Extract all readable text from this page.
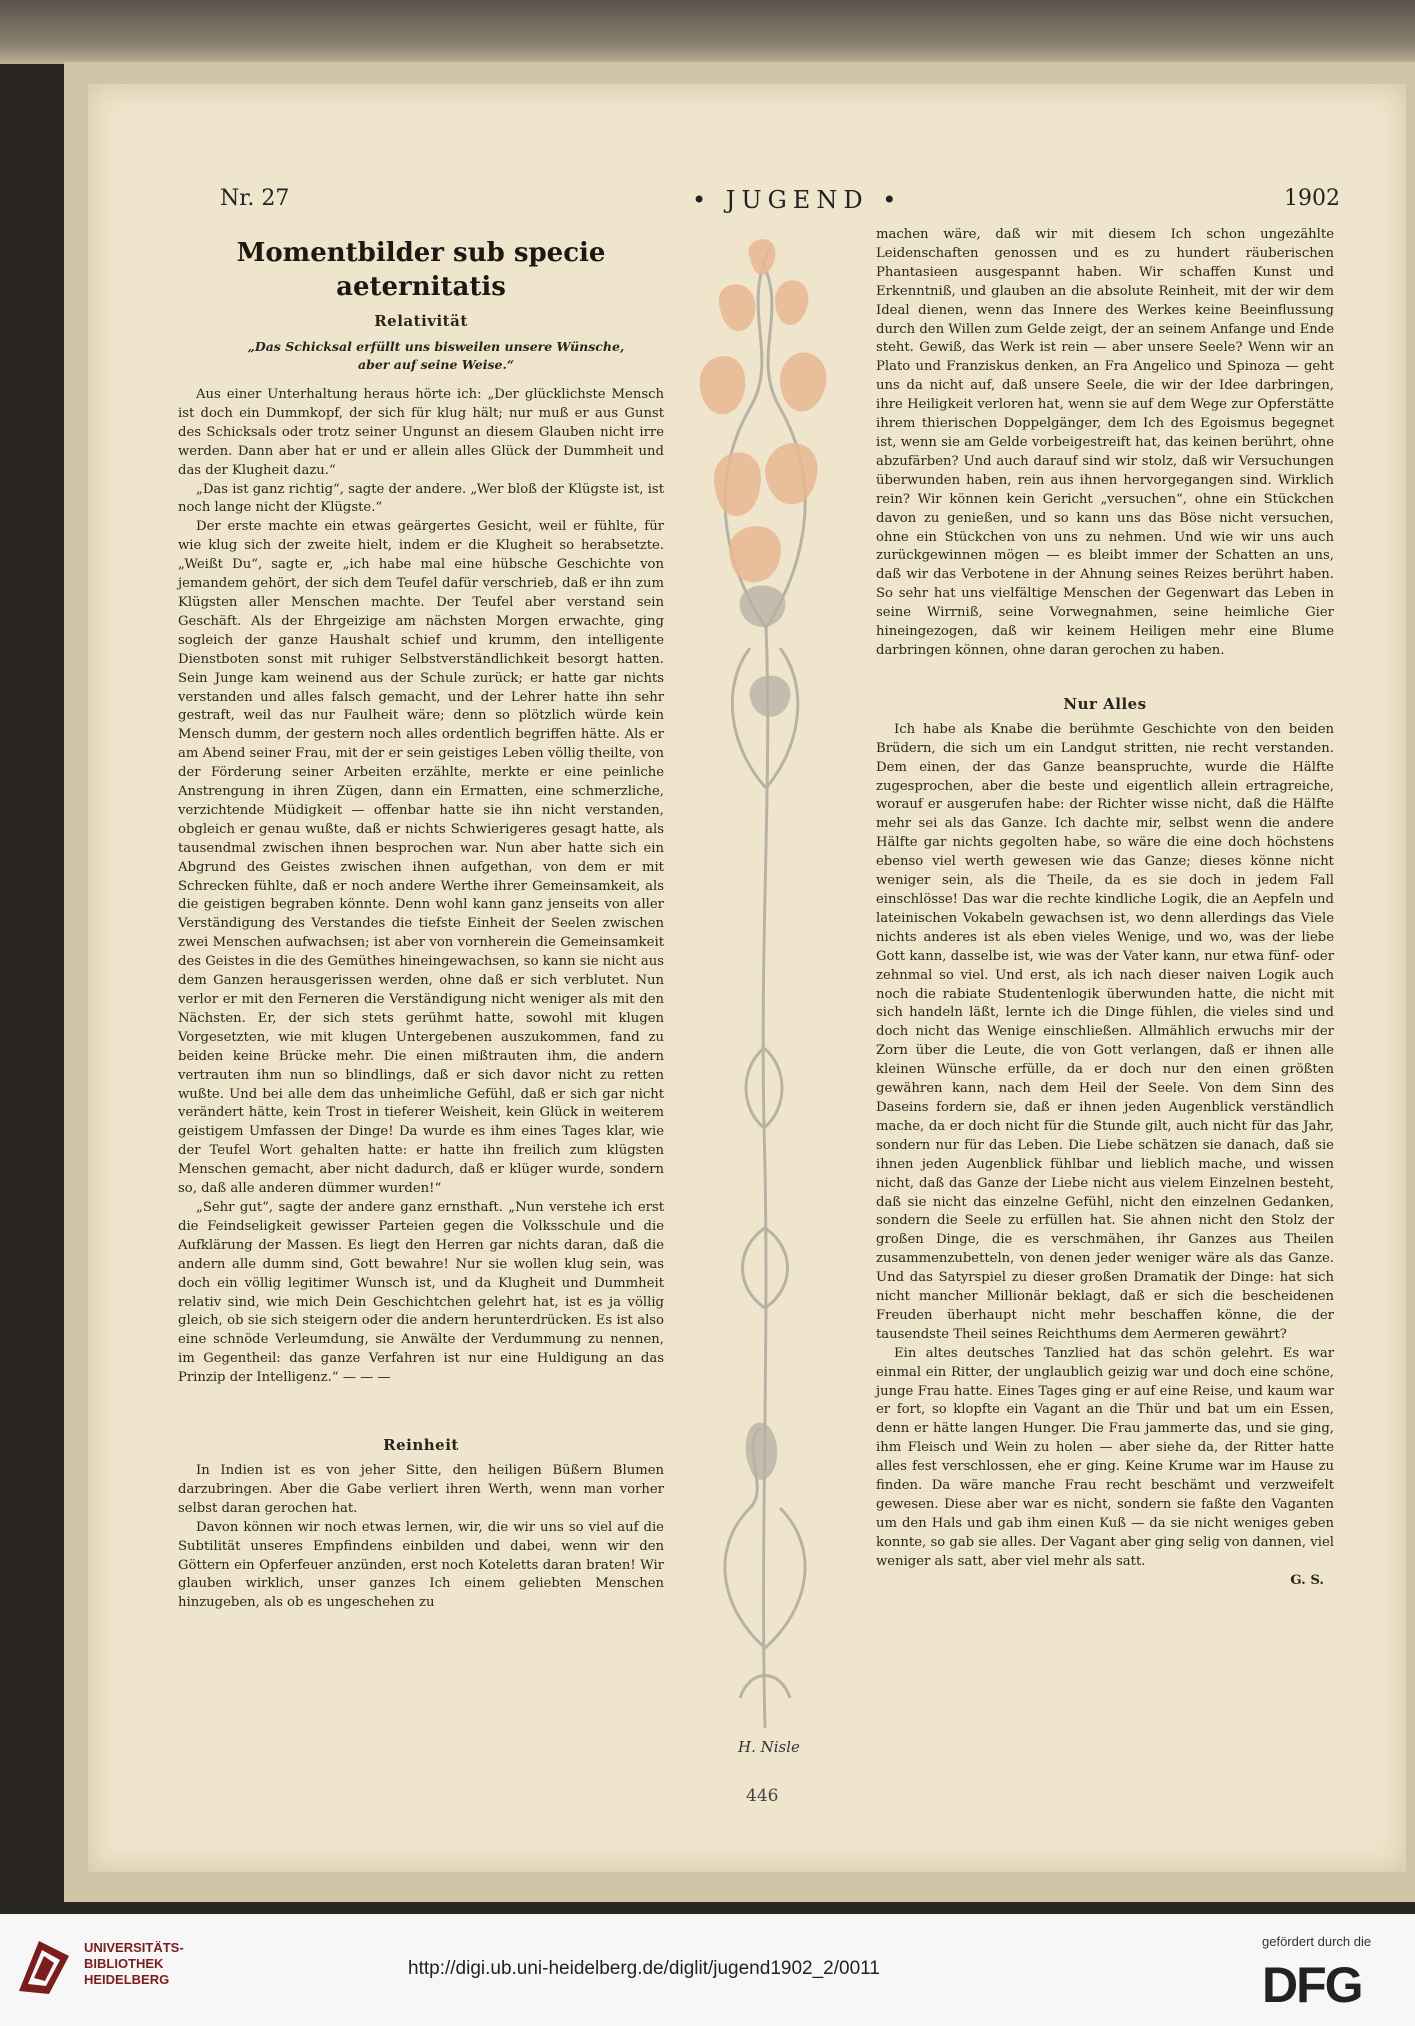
Nr. 27	• JUGEND •	1902
Momentbilder sub specie aeternitatis
Relativität
„Das Schicksal erfüllt uns bisweilen unsere Wünsche, aber auf seine Weise.“

Aus einer Unterhaltung heraus hörte ich: „Der glücklichste Mensch ist doch ein Dummkopf, der sich für klug hält; nur muß er aus Gunst des Schicksals oder trotz seiner Ungunst an diesem Glauben nicht irre werden. Dann aber hat er und er allein alles Glück der Dummheit und das der Klugheit dazu.“

„Das ist ganz richtig“, sagte der andere. „Wer bloß der Klügste ist, ist noch lange nicht der Klügste.“

Der erste machte ein etwas geärgertes Gesicht, weil er fühlte, für wie klug sich der zweite hielt, indem er die Klugheit so herabsetzte. „Weißt Du“, sagte er, „ich habe mal eine hübsche Geschichte von jemandem gehört, der sich dem Teufel dafür verschrieb, daß er ihn zum Klügsten aller Menschen machte. Der Teufel aber verstand sein Geschäft. Als der Ehrgeizige am nächsten Morgen erwachte, ging sogleich der ganze Haushalt schief und krumm, den intelligente Dienstboten sonst mit ruhiger Selbstverständlichkeit besorgt hatten. Sein Junge kam weinend aus der Schule zurück; er hatte gar nichts verstanden und alles falsch gemacht, und der Lehrer hatte ihn sehr gestraft, weil das nur Faulheit wäre; denn so plötzlich würde kein Mensch dumm, der gestern noch alles ordentlich begriffen hätte. Als er am Abend seiner Frau, mit der er sein geistiges Leben völlig theilte, von der Förderung seiner Arbeiten erzählte, merkte er eine peinliche Anstrengung in ihren Zügen, dann ein Ermatten, eine schmerzliche, verzichtende Müdigkeit — offenbar hatte sie ihn nicht verstanden, obgleich er genau wußte, daß er nichts Schwierigeres gesagt hatte, als tausendmal zwischen ihnen besprochen war. Nun aber hatte sich ein Abgrund des Geistes zwischen ihnen aufgethan, von dem er mit Schrecken fühlte, daß er noch andere Werthe ihrer Gemeinsamkeit, als die geistigen begraben könnte. Denn wohl kann ganz jenseits von aller Verständigung des Verstandes die tiefste Einheit der Seelen zwischen zwei Menschen aufwachsen; ist aber von vornherein die Gemeinsamkeit des Geistes in die des Gemüthes hineingewachsen, so kann sie nicht aus dem Ganzen herausgerissen werden, ohne daß er sich verblutet. Nun verlor er mit den Ferneren die Verständigung nicht weniger als mit den Nächsten. Er, der sich stets gerühmt hatte, sowohl mit klugen Vorgesetzten, wie mit klugen Untergebenen auszukommen, fand zu beiden keine Brücke mehr. Die einen mißtrauten ihm, die andern vertrauten ihm nun so blindlings, daß er sich davor nicht zu retten wußte. Und bei alle dem das unheimliche Gefühl, daß er sich gar nicht verändert hätte, kein Trost in tieferer Weisheit, kein Glück in weiterem geistigem Umfassen der Dinge! Da wurde es ihm eines Tages klar, wie der Teufel Wort gehalten hatte: er hatte ihn freilich zum klügsten Menschen gemacht, aber nicht dadurch, daß er klüger wurde, sondern so, daß alle anderen dümmer wurden!“

„Sehr gut“, sagte der andere ganz ernsthaft. „Nun verstehe ich erst die Feindseligkeit gewisser Parteien gegen die Volksschule und die Aufklärung der Massen. Es liegt den Herren gar nichts daran, daß die andern alle dumm sind, Gott bewahre! Nur sie wollen klug sein, was doch ein völlig legitimer Wunsch ist, und da Klugheit und Dummheit relativ sind, wie mich Dein Geschichtchen gelehrt hat, ist es ja völlig gleich, ob sie sich steigern oder die andern herunterdrücken. Es ist also eine schnöde Verleumdung, sie Anwälte der Verdummung zu nennen, im Gegentheil: das ganze Verfahren ist nur eine Huldigung an das Prinzip der Intelligenz.“ — — —

Reinheit

In Indien ist es von jeher Sitte, den heiligen Büßern Blumen darzubringen. Aber die Gabe verliert ihren Werth, wenn man vorher selbst daran gerochen hat.

Davon können wir noch etwas lernen, wir, die wir uns so viel auf die Subtilität unseres Empfindens einbilden und dabei, wenn wir den Göttern ein Opferfeuer anzünden, erst noch Koteletts daran braten! Wir glauben wirklich, unser ganzes Ich einem geliebten Menschen hinzugeben, als ob es ungeschehen zu

H. Nisle

machen wäre, daß wir mit diesem Ich schon ungezählte Leidenschaften genossen und es zu hundert räuberischen Phantasieen ausgespannt haben. Wir schaffen Kunst und Erkenntniß, und glauben an die absolute Reinheit, mit der wir dem Ideal dienen, wenn das Innere des Werkes keine Beeinflussung durch den Willen zum Gelde zeigt, der an seinem Anfange und Ende steht. Gewiß, das Werk ist rein — aber unsere Seele? Wenn wir an Plato und Franziskus denken, an Fra Angelico und Spinoza — geht uns da nicht auf, daß unsere Seele, die wir der Idee darbringen, ihre Heiligkeit verloren hat, wenn sie auf dem Wege zur Opferstätte ihrem thierischen Doppelgänger, dem Ich des Egoismus begegnet ist, wenn sie am Gelde vorbeigestreift hat, das keinen berührt, ohne abzufärben? Und auch darauf sind wir stolz, daß wir Versuchungen überwunden haben, rein aus ihnen hervorgegangen sind. Wirklich rein? Wir können kein Gericht „versuchen“, ohne ein Stückchen davon zu genießen, und so kann uns das Böse nicht versuchen, ohne ein Stückchen von uns zu nehmen. Und wie wir uns auch zurückgewinnen mögen — es bleibt immer der Schatten an uns, daß wir das Verbotene in der Ahnung seines Reizes berührt haben. So sehr hat uns vielfältige Menschen der Gegenwart das Leben in seine Wirrniß, seine Vorwegnahmen, seine heimliche Gier hineingezogen, daß wir keinem Heiligen mehr eine Blume darbringen können, ohne daran gerochen zu haben.

Nur Alles

Ich habe als Knabe die berühmte Geschichte von den beiden Brüdern, die sich um ein Landgut stritten, nie recht verstanden. Dem einen, der das Ganze beanspruchte, wurde die Hälfte zugesprochen, aber die beste und eigentlich allein ertragreiche, worauf er ausgerufen habe: der Richter wisse nicht, daß die Hälfte mehr sei als das Ganze. Ich dachte mir, selbst wenn die andere Hälfte gar nichts gegolten habe, so wäre die eine doch höchstens ebenso viel werth gewesen wie das Ganze; dieses könne nicht weniger sein, als die Theile, da es sie doch in jedem Fall einschlösse! Das war die rechte kindliche Logik, die an Aepfeln und lateinischen Vokabeln gewachsen ist, wo denn allerdings das Viele nichts anderes ist als eben vieles Wenige, und wo, was der liebe Gott kann, dasselbe ist, wie was der Vater kann, nur etwa fünf- oder zehnmal so viel. Und erst, als ich nach dieser naiven Logik auch noch die rabiate Studentenlogik überwunden hatte, die nicht mit sich handeln läßt, lernte ich die Dinge fühlen, die vieles sind und doch nicht das Wenige einschließen. Allmählich erwuchs mir der Zorn über die Leute, die von Gott verlangen, daß er ihnen alle kleinen Wünsche erfülle, da er doch nur den einen größten gewähren kann, nach dem Heil der Seele. Von dem Sinn des Daseins fordern sie, daß er ihnen jeden Augenblick verständlich mache, da er doch nicht für die Stunde gilt, auch nicht für das Jahr, sondern nur für das Leben. Die Liebe schätzen sie danach, daß sie ihnen jeden Augenblick fühlbar und lieblich mache, und wissen nicht, daß das Ganze der Liebe nicht aus vielem Einzelnen besteht, daß sie nicht das einzelne Gefühl, nicht den einzelnen Gedanken, sondern die Seele zu erfüllen hat. Sie ahnen nicht den Stolz der großen Dinge, die es verschmähen, ihr Ganzes aus Theilen zusammenzubetteln, von denen jeder weniger wäre als das Ganze. Und das Satyrspiel zu dieser großen Dramatik der Dinge: hat sich nicht mancher Millionär beklagt, daß er sich die bescheidenen Freuden überhaupt nicht mehr beschaffen könne, die der tausendste Theil seines Reichthums dem Aermeren gewährt?

Ein altes deutsches Tanzlied hat das schön gelehrt. Es war einmal ein Ritter, der unglaublich geizig war und doch eine schöne, junge Frau hatte. Eines Tages ging er auf eine Reise, und kaum war er fort, so klopfte ein Vagant an die Thür und bat um ein Essen, denn er hätte langen Hunger. Die Frau jammerte das, und sie ging, ihm Fleisch und Wein zu holen — aber siehe da, der Ritter hatte alles fest verschlossen, ehe er ging. Keine Krume war im Hause zu finden. Da wäre manche Frau recht beschämt und verzweifelt gewesen. Diese aber war es nicht, sondern sie faßte den Vaganten um den Hals und gab ihm einen Kuß — da sie nicht weniges geben konnte, so gab sie alles. Der Vagant aber ging selig von dannen, viel weniger als satt, aber viel mehr als satt.

G. S.
446
UNIVERSITÄTS-
BIBLIOTHEK
HEIDELBERG
http://digi.ub.uni-heidelberg.de/diglit/jugend1902_2/0011
gefördert durch die
DFG
